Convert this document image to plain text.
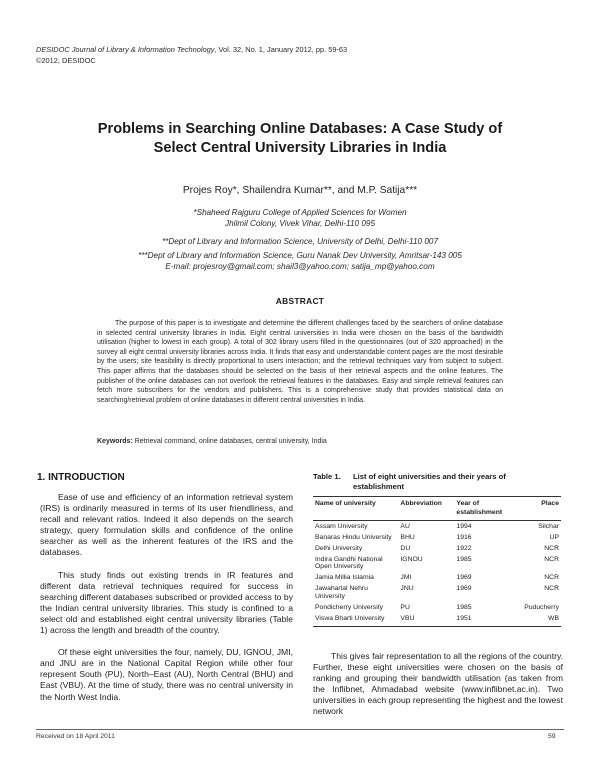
DESIDOC Journal of Library & Information Technology, Vol. 32, No. 1, January 2012, pp. 59-63
©2012, DESIDOC
Problems in Searching Online Databases: A Case Study of
Select Central University Libraries in India
Projes Roy*, Shailendra Kumar**, and M.P. Satija***
*Shaheed Rajguru College of Applied Sciences for Women
Jhilmil Colony, Vivek Vihar, Delhi-110 095
**Dept of Library and Information Science, University of Delhi, Delhi-110 007
***Dept of Library and Information Science, Guru Nanak Dev University, Amritsar-143 005
E-mail: projesroy@gmail.com; shail3@yahoo.com; satija_mp@yahoo.com
ABSTRACT

The purpose of this paper is to investigate and determine the different challenges faced by the searchers of online database in selected central university libraries in India. Eight central universities in India were chosen on the basis of the bandwidth utilisation (higher to lowest in each group). A total of 302 library users filled in the questionnaires (out of 320 approached) in the survey all eight central university libraries across India. It finds that easy and understandable content pages are the most desirable by the users; site feasibility is directly proportional to users interaction; and the retrieval techniques vary from subject to subject. This paper affirms that the databases should be selected on the basis of their retrieval aspects and the online features. The publisher of the online databases can not overlook the retrieval features in the databases. Easy and simple retrieval features can fetch more subscribers for the vendors and publishers. This is a comprehensive study that provides statistical data on searching/retrieval problem of online databases in different central universities in India.

Keywords: Retrieval command, online databases, central university, India
1. INTRODUCTION

Ease of use and efficiency of an information retrieval system (IRS) is ordinarily measured in terms of its user friendliness, and recall and relevant ratios. Indeed it also depends on the search strategy, query formulation skills and confidence of the online searcher as well as the inherent features of the IRS and the databases.

This study finds out existing trends in IR features and different data retrieval techniques required for success in searching different databases subscribed or provided access to by the Indian central university libraries. This study is confined to a select old and established eight central university libraries (Table 1) across the length and breadth of the country.

Of these eight universities the four, namely, DU, IGNOU, JMI, and JNU are in the National Capital Region while other four represent South (PU), North–East (AU), North Central (BHU) and East (VBU). At the time of study, there was no central university in the North West India.

Table 1. List of eight universities and their years of
establishment
Name of university	Abbreviation	Year of establishment	Place
Assam University	AU	1994	Silchar
Banaras Hindu University	BHU	1916	UP
Delhi University	DU	1922	NCR
Indira Gandhi National Open University	IGNOU	1985	NCR
Jamia Millia Islamia	JMI	1969	NCR
Jawaharlal Nehru University	JNU	1969	NCR
Pondicherry University	PU	1985	Puducherry
Viswa Bharti University	VBU	1951	WB

This gives fair representation to all the regions of the country. Further, these eight universities were chosen on the basis of ranking and grouping their bandwidth utilisation (as taken from the Inflibnet, Ahmadabad website (www.inflibnet.ac.in). Two universities in each group representing the highest and the lowest network

Received on 18 April 2011	59
